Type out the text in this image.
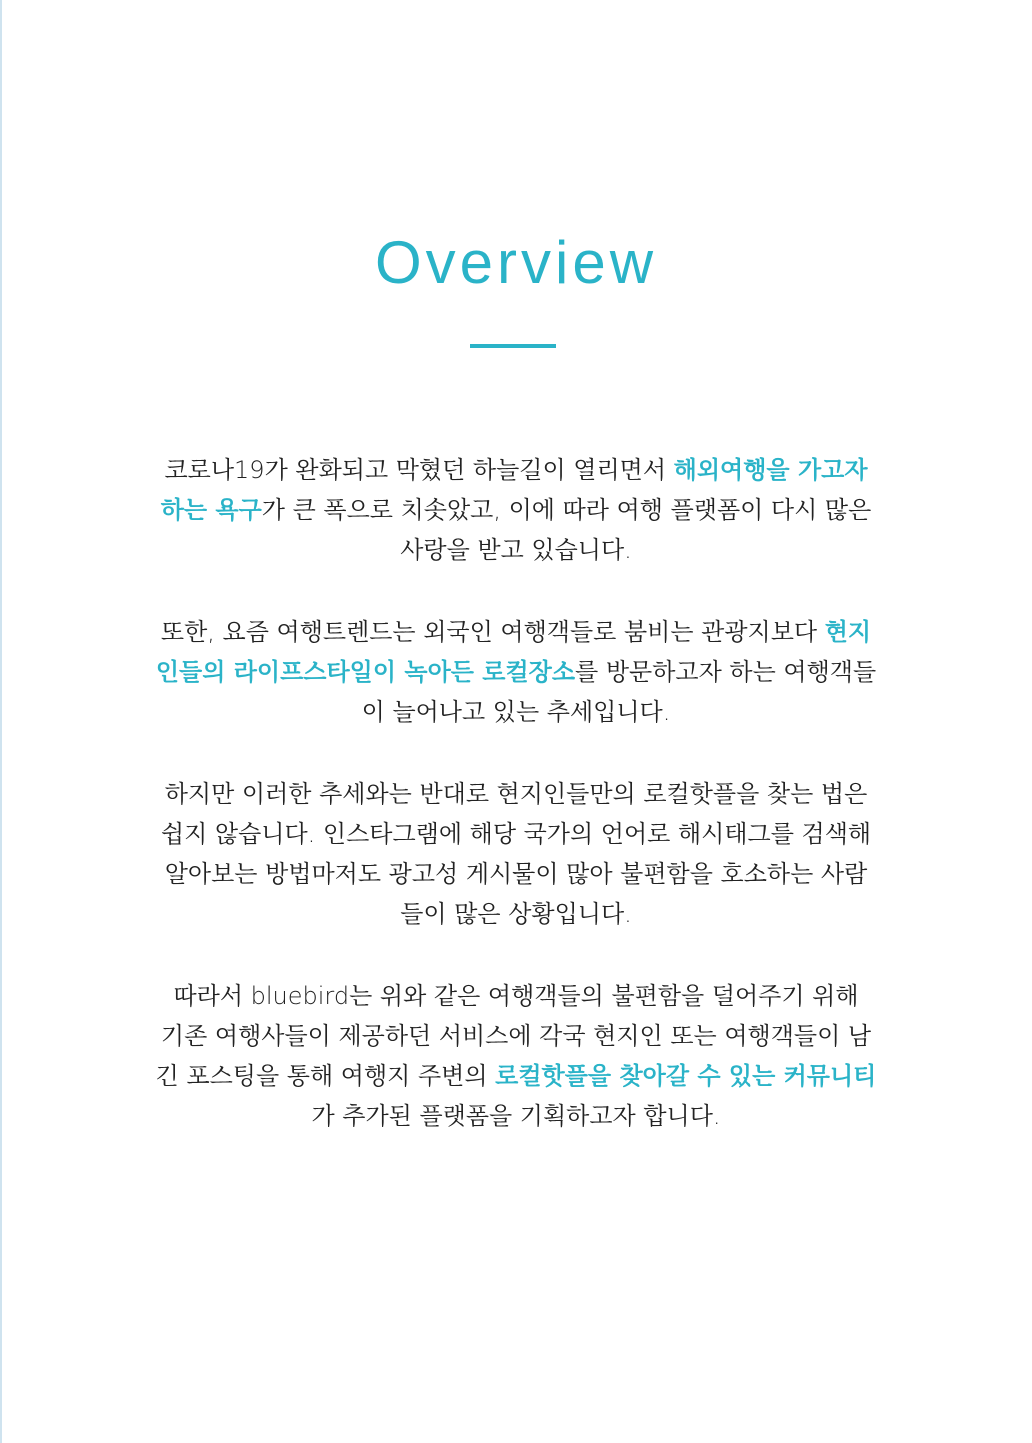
Overview

코로나19가 완화되고 막혔던 하늘길이 열리면서 해외여행을 가고자
하는 욕구가 큰 폭으로 치솟았고, 이에 따라 여행 플랫폼이 다시 많은
사랑을 받고 있습니다.

또한, 요즘 여행트렌드는 외국인 여행객들로 붐비는 관광지보다 현지
인들의 라이프스타일이 녹아든 로컬장소를 방문하고자 하는 여행객들
이 늘어나고 있는 추세입니다.

하지만 이러한 추세와는 반대로 현지인들만의 로컬핫플을 찾는 법은
쉽지 않습니다. 인스타그램에 해당 국가의 언어로 해시태그를 검색해
알아보는 방법마저도 광고성 게시물이 많아 불편함을 호소하는 사람
들이 많은 상황입니다.

따라서 bluebird는 위와 같은 여행객들의 불편함을 덜어주기 위해
기존 여행사들이 제공하던 서비스에 각국 현지인 또는 여행객들이 남
긴 포스팅을 통해 여행지 주변의 로컬핫플을 찾아갈 수 있는 커뮤니티
가 추가된 플랫폼을 기획하고자 합니다.
